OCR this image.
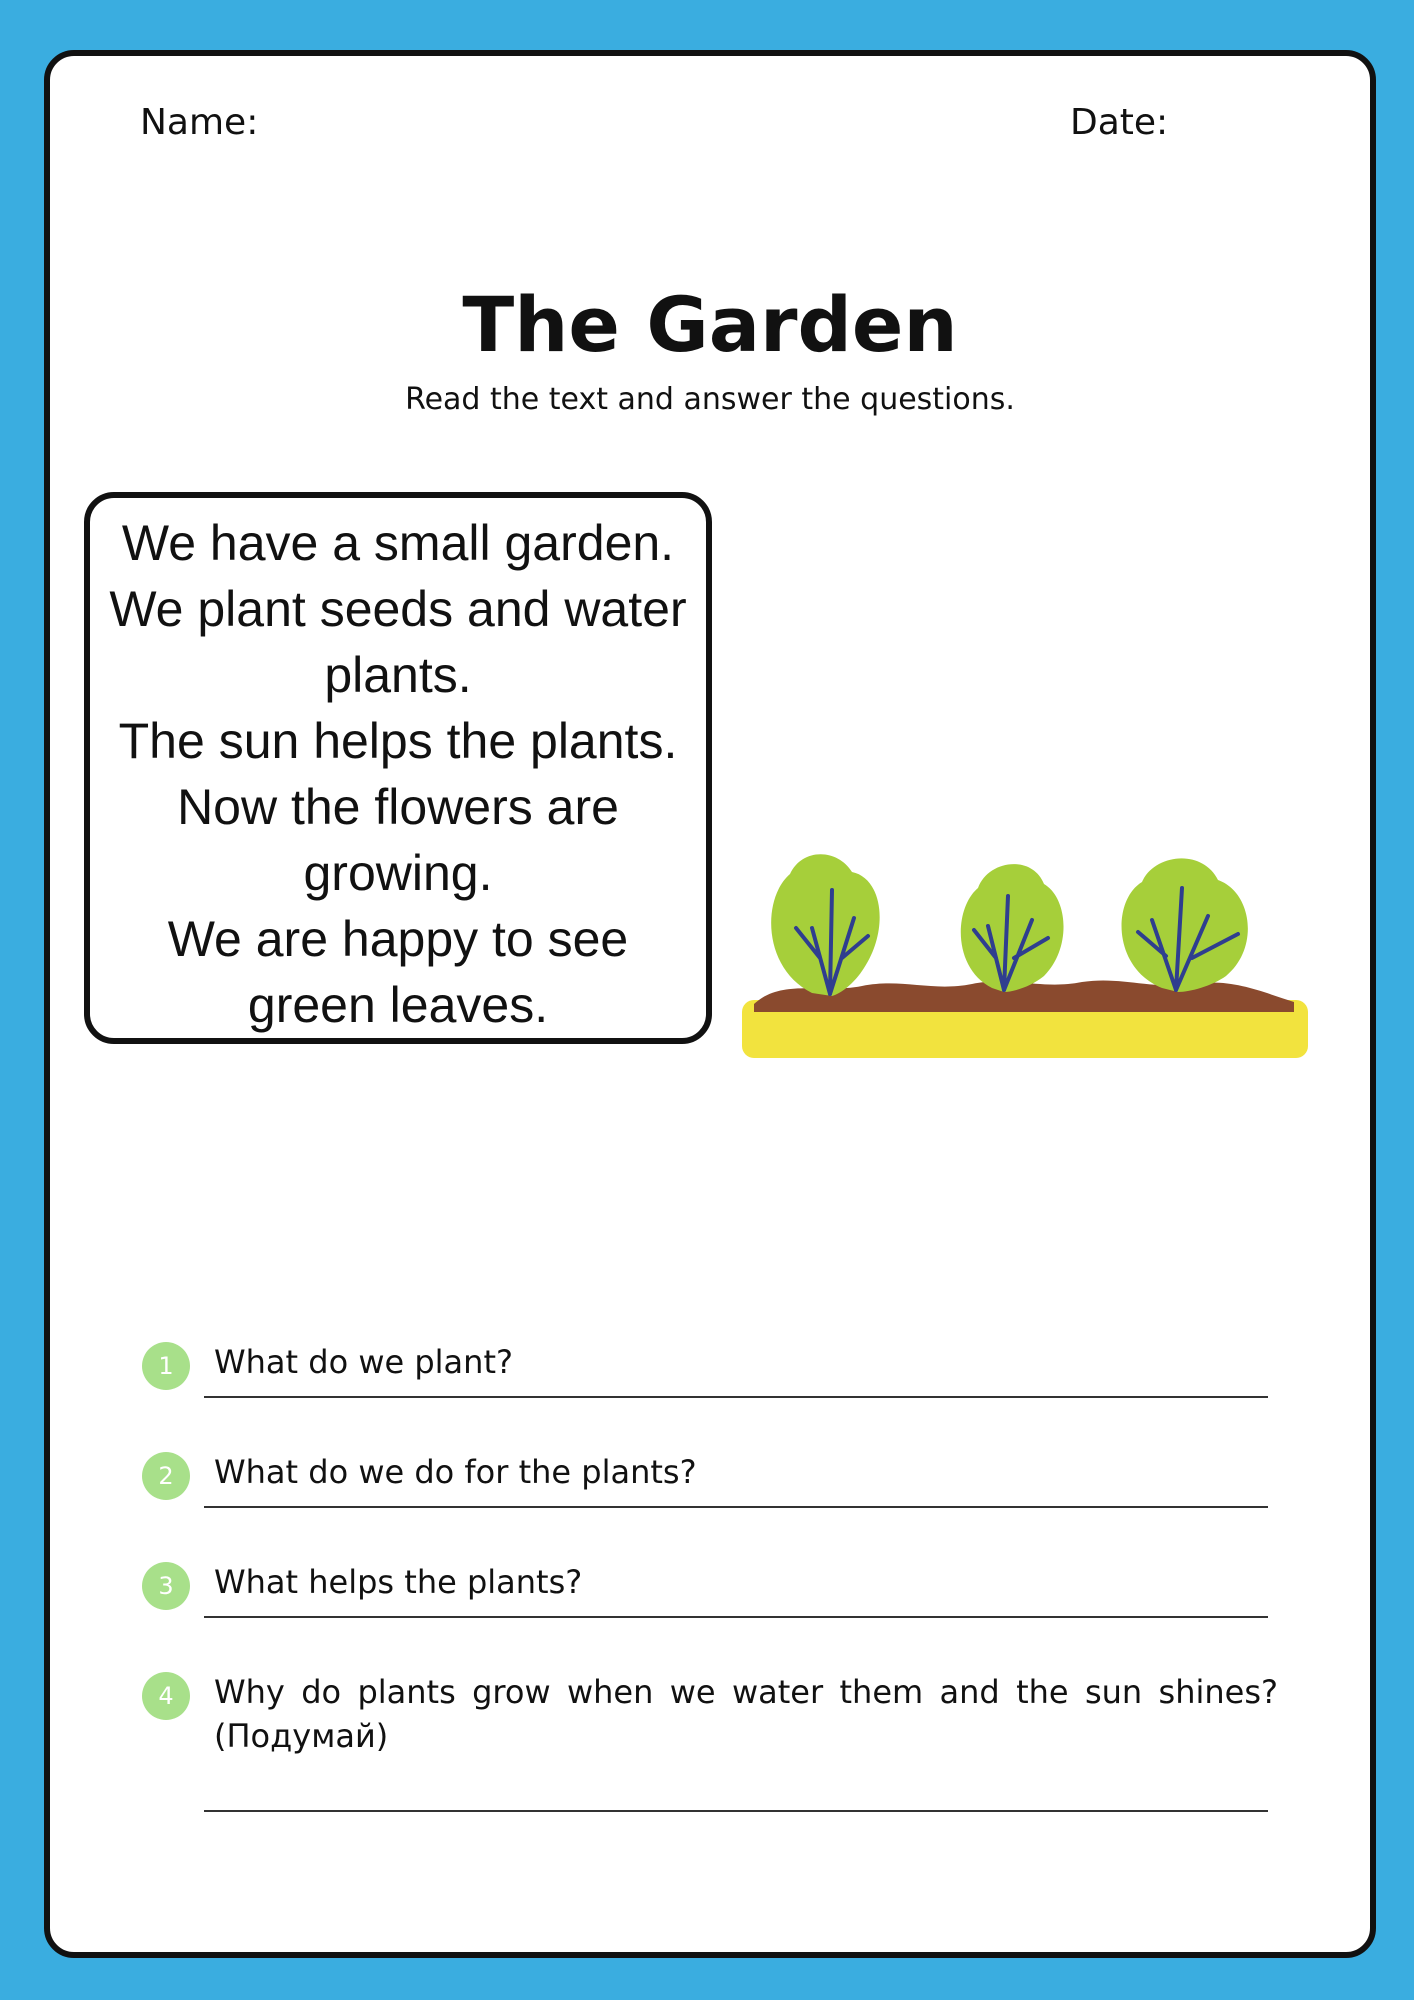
Name:	Date:
The Garden
Read the text and answer the questions.
We have a small garden.
We plant seeds and water
plants.
The sun helps the plants.
Now the flowers are
growing.
We are happy to see
green leaves.
1	What do we plant?
2	What do we do for the plants?
3	What helps the plants?
4	Why do plants grow when we water them and the sun shines?
(Подумай)
